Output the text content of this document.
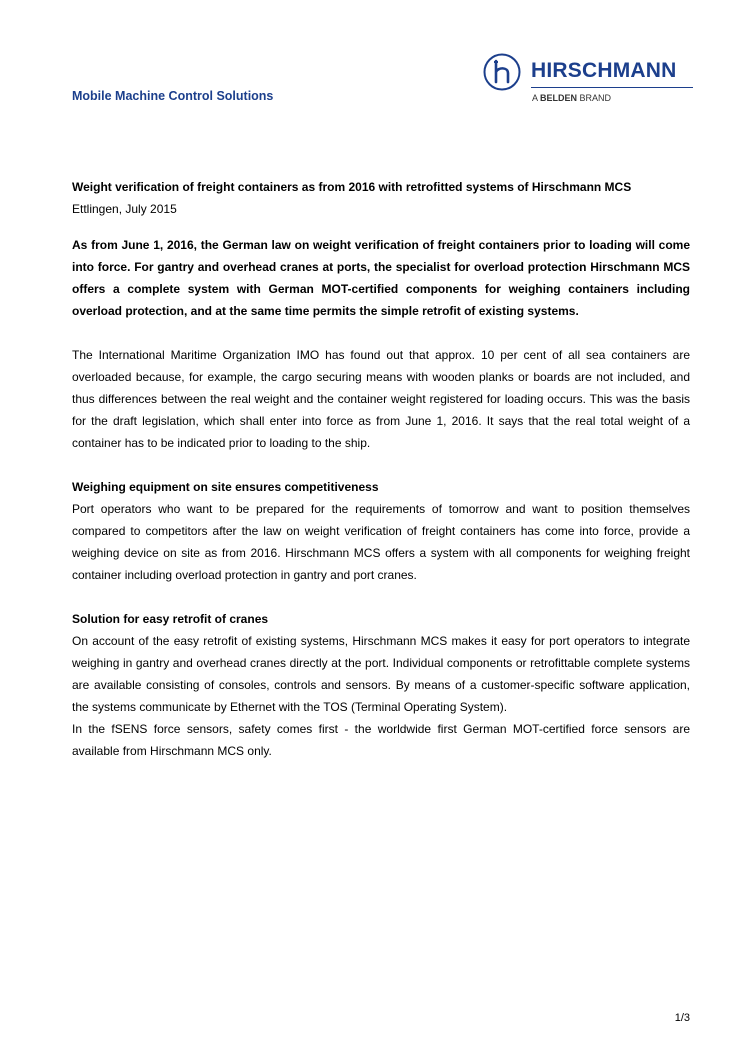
Mobile Machine Control Solutions
HIRSCHMANN
A BELDEN BRAND

Weight verification of freight containers as from 2016 with retrofitted systems of Hirschmann MCS

Ettlingen, July 2015

As from June 1, 2016, the German law on weight verification of freight containers prior to loading will come into force. For gantry and overhead cranes at ports, the specialist for overload protection Hirschmann MCS offers a complete system with German MOT-certified components for weighing containers including overload protection, and at the same time permits the simple retrofit of existing systems.

The International Maritime Organization IMO has found out that approx. 10 per cent of all sea containers are overloaded because, for example, the cargo securing means with wooden planks or boards are not included, and thus differences between the real weight and the container weight registered for loading occurs. This was the basis for the draft legislation, which shall enter into force as from June 1, 2016. It says that the real total weight of a container has to be indicated prior to loading to the ship.

Weighing equipment on site ensures competitiveness

Port operators who want to be prepared for the requirements of tomorrow and want to position themselves compared to competitors after the law on weight verification of freight containers has come into force, provide a weighing device on site as from 2016. Hirschmann MCS offers a system with all components for weighing freight container including overload protection in gantry and port cranes.

Solution for easy retrofit of cranes

On account of the easy retrofit of existing systems, Hirschmann MCS makes it easy for port operators to integrate weighing in gantry and overhead cranes directly at the port. Individual components or retrofittable complete systems are available consisting of consoles, controls and sensors. By means of a customer-specific software application, the systems communicate by Ethernet with the TOS (Terminal Operating System).

In the fSENS force sensors, safety comes first - the worldwide first German MOT-certified force sensors are available from Hirschmann MCS only.

1/3
